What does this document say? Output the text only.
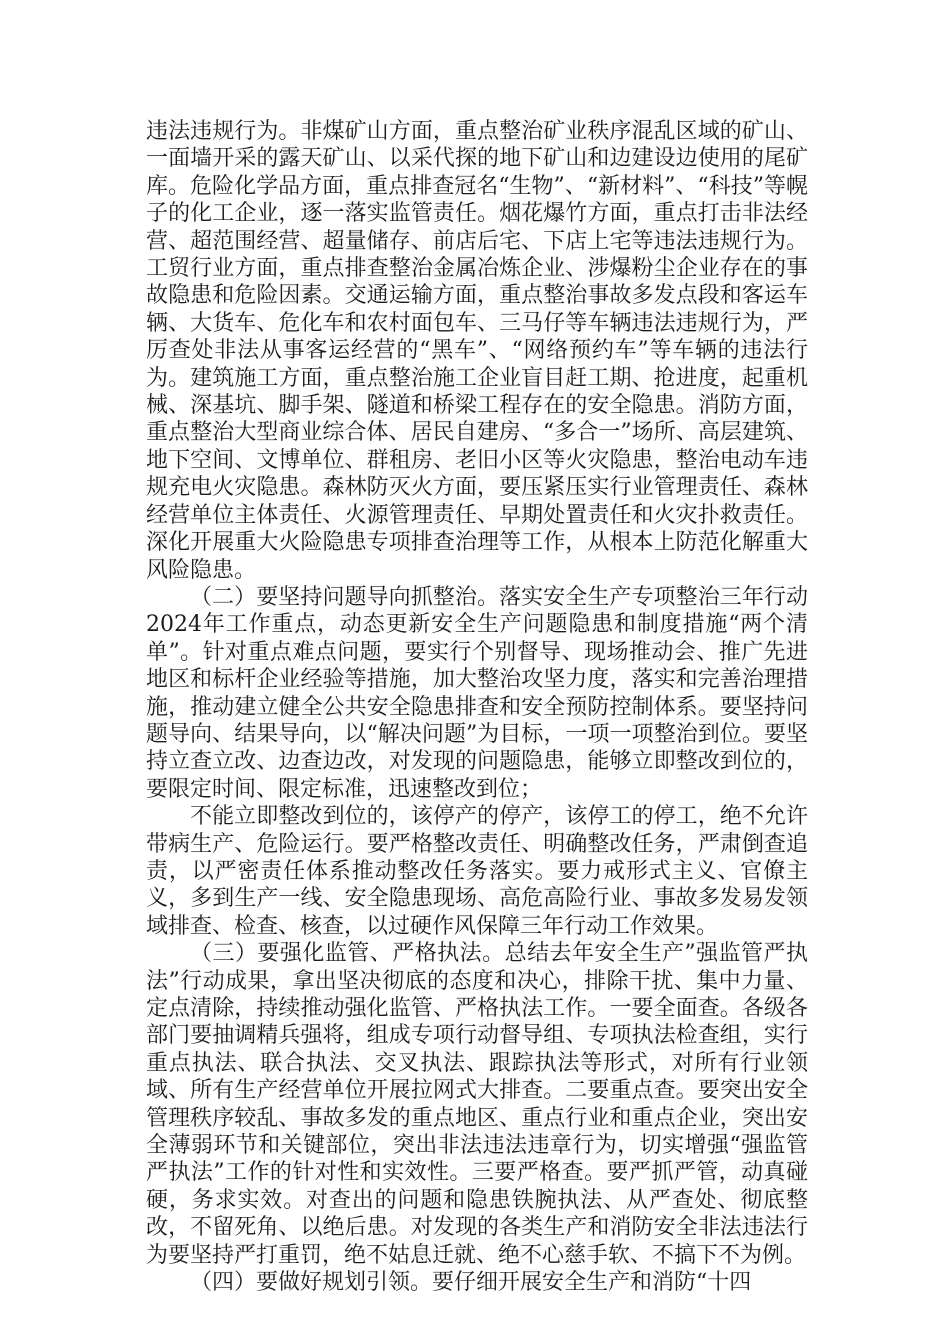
违法违规行为。非煤矿山方面，重点整治矿业秩序混乱区域的矿山、一面墙开采的露天矿山、以采代探的地下矿山和边建设边使用的尾矿库。危险化学品方面，重点排查冠名“生物”、“新材料”、“科技”等幌子的化工企业，逐一落实监管责任。烟花爆竹方面，重点打击非法经营、超范围经营、超量储存、前店后宅、下店上宅等违法违规行为。工贸行业方面，重点排查整治金属冶炼企业、涉爆粉尘企业存在的事故隐患和危险因素。交通运输方面，重点整治事故多发点段和客运车辆、大货车、危化车和农村面包车、三马仔等车辆违法违规行为，严厉查处非法从事客运经营的“黑车”、“网络预约车”等车辆的违法行为。建筑施工方面，重点整治施工企业盲目赶工期、抢进度，起重机械、深基坑、脚手架、隧道和桥梁工程存在的安全隐患。消防方面，重点整治大型商业综合体、居民自建房、“多合一”场所、高层建筑、地下空间、文博单位、群租房、老旧小区等火灾隐患，整治电动车违规充电火灾隐患。森林防灭火方面，要压紧压实行业管理责任、森林经营单位主体责任、火源管理责任、早期处置责任和火灾扑救责任。深化开展重大火险隐患专项排查治理等工作，从根本上防范化解重大风险隐患。

（二）要坚持问题导向抓整治。落实安全生产专项整治三年行动2024年工作重点，动态更新安全生产问题隐患和制度措施“两个清单”。针对重点难点问题，要实行个别督导、现场推动会、推广先进地区和标杆企业经验等措施，加大整治攻坚力度，落实和完善治理措施，推动建立健全公共安全隐患排查和安全预防控制体系。要坚持问题导向、结果导向，以“解决问题”为目标，一项一项整治到位。要坚持立查立改、边查边改，对发现的问题隐患，能够立即整改到位的，要限定时间、限定标准，迅速整改到位；

不能立即整改到位的，该停产的停产，该停工的停工，绝不允许带病生产、危险运行。要严格整改责任、明确整改任务，严肃倒查追责，以严密责任体系推动整改任务落实。要力戒形式主义、官僚主义，多到生产一线、安全隐患现场、高危高险行业、事故多发易发领域排查、检查、核查，以过硬作风保障三年行动工作效果。

（三）要强化监管、严格执法。总结去年安全生产”强监管严执法”行动成果，拿出坚决彻底的态度和决心，排除干扰、集中力量、定点清除，持续推动强化监管、严格执法工作。一要全面查。各级各部门要抽调精兵强将，组成专项行动督导组、专项执法检查组，实行重点执法、联合执法、交叉执法、跟踪执法等形式，对所有行业领域、所有生产经营单位开展拉网式大排查。二要重点查。要突出安全管理秩序较乱、事故多发的重点地区、重点行业和重点企业，突出安全薄弱环节和关键部位，突出非法违法违章行为，切实增强“强监管严执法”工作的针对性和实效性。三要严格查。要严抓严管，动真碰硬，务求实效。对查出的问题和隐患铁腕执法、从严查处、彻底整改，不留死角、以绝后患。对发现的各类生产和消防安全非法违法行为要坚持严打重罚，绝不姑息迁就、绝不心慈手软、不搞下不为例。

（四）要做好规划引领。要仔细开展安全生产和消防“十四
